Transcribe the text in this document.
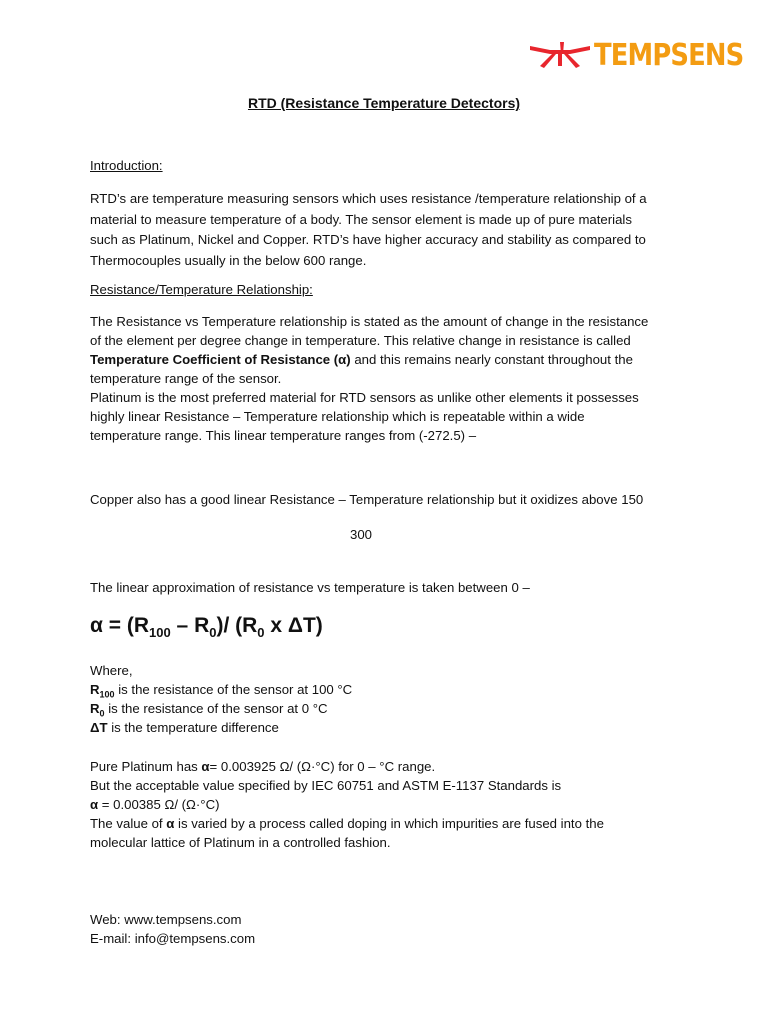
TEMPSENS
RTD (Resistance Temperature Detectors)
Introduction:
RTD’s are temperature measuring sensors which uses resistance /temperature relationship of a
material to measure temperature of a body. The sensor element is made up of pure materials
such as Platinum, Nickel and Copper. RTD’s have higher accuracy and stability as compared to
Thermocouples usually in the below 600 range.
Resistance/Temperature Relationship:
The Resistance vs Temperature relationship is stated as the amount of change in the resistance
of the element per degree change in temperature. This relative change in resistance is called
Temperature Coefficient of Resistance (α) and this remains nearly constant throughout the
temperature range of the sensor.
Platinum is the most preferred material for RTD sensors as unlike other elements it possesses
highly linear Resistance – Temperature relationship which is repeatable within a wide
temperature range. This linear temperature ranges from (-272.5) –
Copper also has a good linear Resistance – Temperature relationship but it oxidizes above 150
300
The linear approximation of resistance vs temperature is taken between 0 –
$\alpha = (R_{100} - R_0)/$ ($R_0$ x ΔT)
Where,
$R_{100}$ is the resistance of the sensor at 100 °C
$R_0$ is the resistance of the sensor at 0 °C
ΔT is the temperature difference
Pure Platinum has α= 0.003925 Ω/ (Ω·°C) for 0 – °C range.
But the acceptable value specified by IEC 60751 and ASTM E-1137 Standards is
α = 0.00385 Ω/ (Ω·°C)
The value of α is varied by a process called doping in which impurities are fused into the
molecular lattice of Platinum in a controlled fashion.
Web: www.tempsens.com
E-mail: info@tempsens.com
